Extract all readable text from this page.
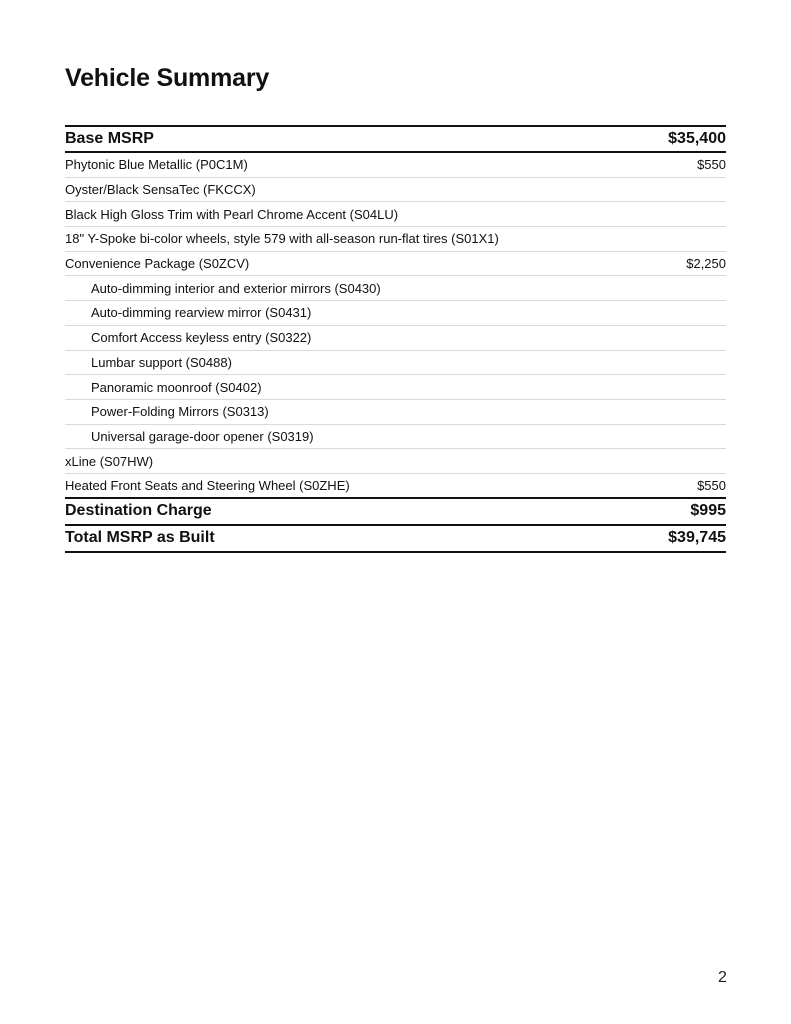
Vehicle Summary
Base MSRP	$35,400
Phytonic Blue Metallic (P0C1M)	$550
Oyster/Black SensaTec (FKCCX)
Black High Gloss Trim with Pearl Chrome Accent (S04LU)
18" Y-Spoke bi-color wheels, style 579 with all-season run-flat tires (S01X1)
Convenience Package (S0ZCV)	$2,250
Auto-dimming interior and exterior mirrors (S0430)
Auto-dimming rearview mirror (S0431)
Comfort Access keyless entry (S0322)
Lumbar support (S0488)
Panoramic moonroof (S0402)
Power-Folding Mirrors (S0313)
Universal garage-door opener (S0319)
xLine (S07HW)
Heated Front Seats and Steering Wheel (S0ZHE)	$550
Destination Charge	$995
Total MSRP as Built	$39,745
2
